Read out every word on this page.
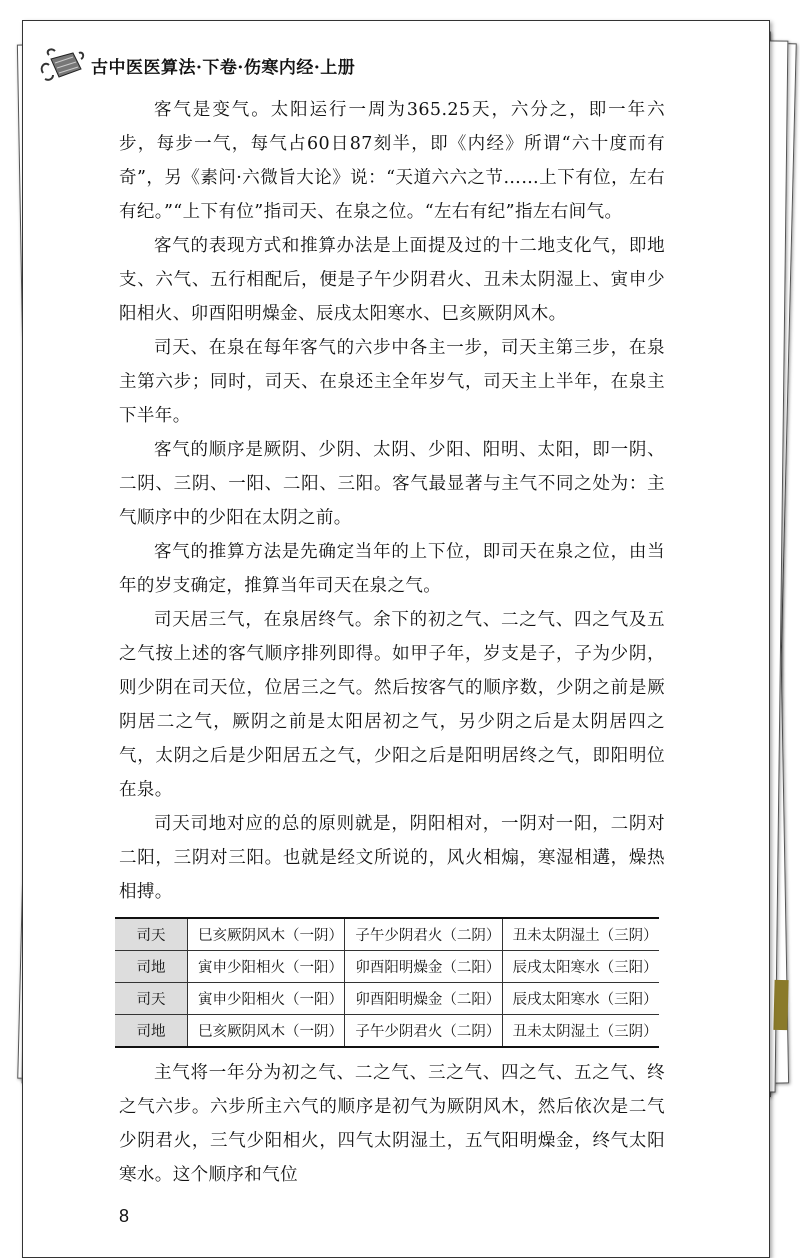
古中医医算法·下卷·伤寒内经·上册

客气是变气。太阳运行一周为365.25天，六分之，即一年六步，每步一气，每气占60日87刻半，即《内经》所谓“六十度而有奇”，另《素问·六微旨大论》说：“天道六六之节……上下有位，左右有纪。”“上下有位”指司天、在泉之位。“左右有纪”指左右间气。

客气的表现方式和推算办法是上面提及过的十二地支化气，即地支、六气、五行相配后，便是子午少阴君火、丑未太阴湿上、寅申少阳相火、卯酉阳明燥金、辰戌太阳寒水、巳亥厥阴风木。

司天、在泉在每年客气的六步中各主一步，司天主第三步，在泉主第六步；同时，司天、在泉还主全年岁气，司天主上半年，在泉主下半年。

客气的顺序是厥阴、少阴、太阴、少阳、阳明、太阳，即一阴、二阴、三阴、一阳、二阳、三阳。客气最显著与主气不同之处为：主气顺序中的少阳在太阴之前。

客气的推算方法是先确定当年的上下位，即司天在泉之位，由当年的岁支确定，推算当年司天在泉之气。

司天居三气，在泉居终气。余下的初之气、二之气、四之气及五之气按上述的客气顺序排列即得。如甲子年，岁支是子，子为少阴，则少阴在司天位，位居三之气。然后按客气的顺序数，少阴之前是厥阴居二之气，厥阴之前是太阳居初之气，另少阴之后是太阴居四之气，太阴之后是少阳居五之气，少阳之后是阳明居终之气，即阳明位在泉。

司天司地对应的总的原则就是，阴阳相对，一阴对一阳，二阴对二阳，三阴对三阳。也就是经文所说的，风火相煽，寒湿相遘，燥热相搏。

司天	巳亥厥阴风木（一阴）	子午少阴君火（二阴）	丑未太阴湿土（三阴）
司地	寅申少阳相火（一阳）	卯酉阳明燥金（二阳）	辰戌太阳寒水（三阳）
司天	寅申少阳相火（一阳）	卯酉阳明燥金（二阳）	辰戌太阳寒水（三阳）
司地	巳亥厥阴风木（一阴）	子午少阴君火（二阴）	丑未太阴湿土（三阴）

主气将一年分为初之气、二之气、三之气、四之气、五之气、终之气六步。六步所主六气的顺序是初气为厥阴风木，然后依次是二气少阴君火，三气少阳相火，四气太阴湿土，五气阳明燥金，终气太阳寒水。这个顺序和气位

8
